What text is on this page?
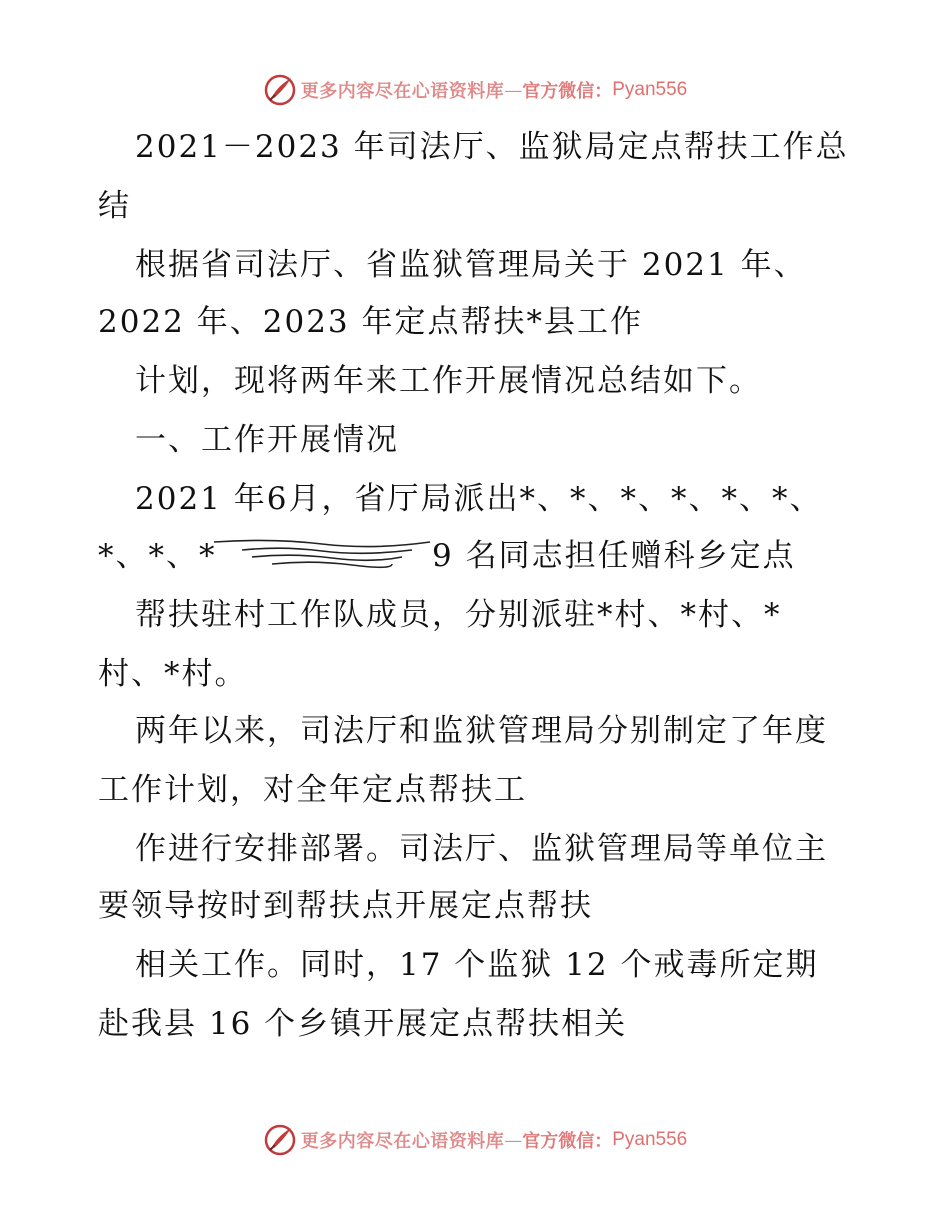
更多内容尽在心语资料库 — 官方微信： Pyan556
2021－2023 年司法厅、监狱局定点帮扶工作总
结
根据省司法厅、省监狱管理局关于 2021 年、
2022 年、2023 年定点帮扶*县工作
计划，现将两年来工作开展情况总结如下。
一、工作开展情况
2021 年6月，省厅局派出*、*、*、*、*、*、
*、*、*	9 名同志担任赠科乡定点
帮扶驻村工作队成员，分别派驻*村、*村、*
村、*村。
两年以来，司法厅和监狱管理局分别制定了年度
工作计划，对全年定点帮扶工
作进行安排部署。司法厅、监狱管理局等单位主
要领导按时到帮扶点开展定点帮扶
相关工作。同时，17 个监狱 12 个戒毒所定期
赴我县 16 个乡镇开展定点帮扶相关
更多内容尽在心语资料库 — 官方微信： Pyan556
